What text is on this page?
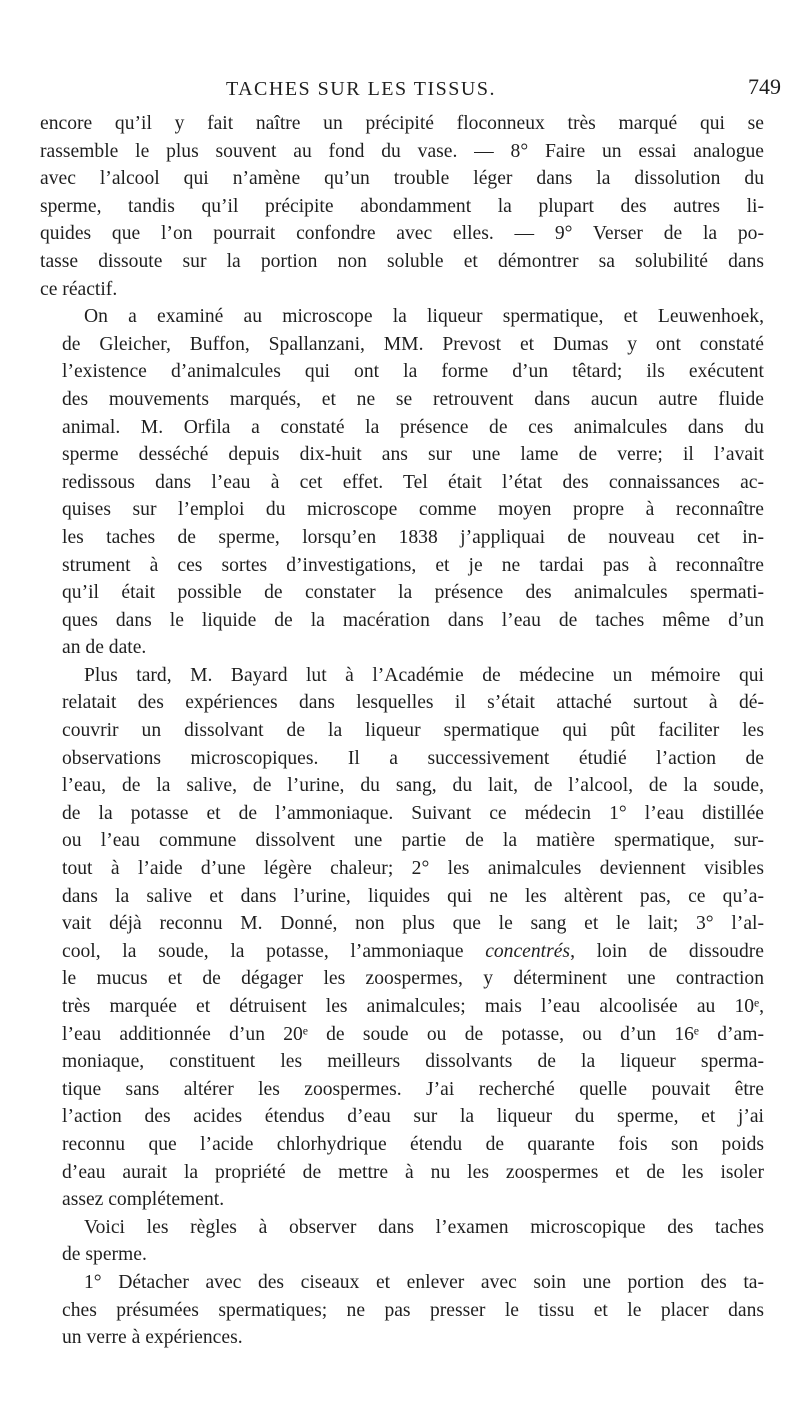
TACHES SUR LES TISSUS.	749
encore qu’il y fait naître un précipité floconneux très marqué qui se
rassemble le plus souvent au fond du vase. — 8° Faire un essai analogue
avec l’alcool qui n’amène qu’un trouble léger dans la dissolution du
sperme, tandis qu’il précipite abondamment la plupart des autres li-
quides que l’on pourrait confondre avec elles. — 9° Verser de la po-
tasse dissoute sur la portion non soluble et démontrer sa solubilité dans
ce réactif.
On a examiné au microscope la liqueur spermatique, et Leuwenhoek,
de Gleicher, Buffon, Spallanzani, MM. Prevost et Dumas y ont constaté
l’existence d’animalcules qui ont la forme d’un têtard; ils exécutent
des mouvements marqués, et ne se retrouvent dans aucun autre fluide
animal. M. Orfila a constaté la présence de ces animalcules dans du
sperme desséché depuis dix-huit ans sur une lame de verre; il l’avait
redissous dans l’eau à cet effet. Tel était l’état des connaissances ac-
quises sur l’emploi du microscope comme moyen propre à reconnaître
les taches de sperme, lorsqu’en 1838 j’appliquai de nouveau cet in-
strument à ces sortes d’investigations, et je ne tardai pas à reconnaître
qu’il était possible de constater la présence des animalcules spermati-
ques dans le liquide de la macération dans l’eau de taches même d’un
an de date.
Plus tard, M. Bayard lut à l’Académie de médecine un mémoire qui
relatait des expériences dans lesquelles il s’était attaché surtout à dé-
couvrir un dissolvant de la liqueur spermatique qui pût faciliter les
observations microscopiques. Il a successivement étudié l’action de
l’eau, de la salive, de l’urine, du sang, du lait, de l’alcool, de la soude,
de la potasse et de l’ammoniaque. Suivant ce médecin 1° l’eau distillée
ou l’eau commune dissolvent une partie de la matière spermatique, sur-
tout à l’aide d’une légère chaleur; 2° les animalcules deviennent visibles
dans la salive et dans l’urine, liquides qui ne les altèrent pas, ce qu’a-
vait déjà reconnu M. Donné, non plus que le sang et le lait; 3° l’al-
cool, la soude, la potasse, l’ammoniaque concentrés, loin de dissoudre
le mucus et de dégager les zoospermes, y déterminent une contraction
très marquée et détruisent les animalcules; mais l’eau alcoolisée au 10ᵉ,
l’eau additionnée d’un 20ᵉ de soude ou de potasse, ou d’un 16ᵉ d’am-
moniaque, constituent les meilleurs dissolvants de la liqueur sperma-
tique sans altérer les zoospermes. J’ai recherché quelle pouvait être
l’action des acides étendus d’eau sur la liqueur du sperme, et j’ai
reconnu que l’acide chlorhydrique étendu de quarante fois son poids
d’eau aurait la propriété de mettre à nu les zoospermes et de les isoler
assez complétement.
Voici les règles à observer dans l’examen microscopique des taches
de sperme.
1° Détacher avec des ciseaux et enlever avec soin une portion des ta-
ches présumées spermatiques; ne pas presser le tissu et le placer dans
un verre à expériences.
